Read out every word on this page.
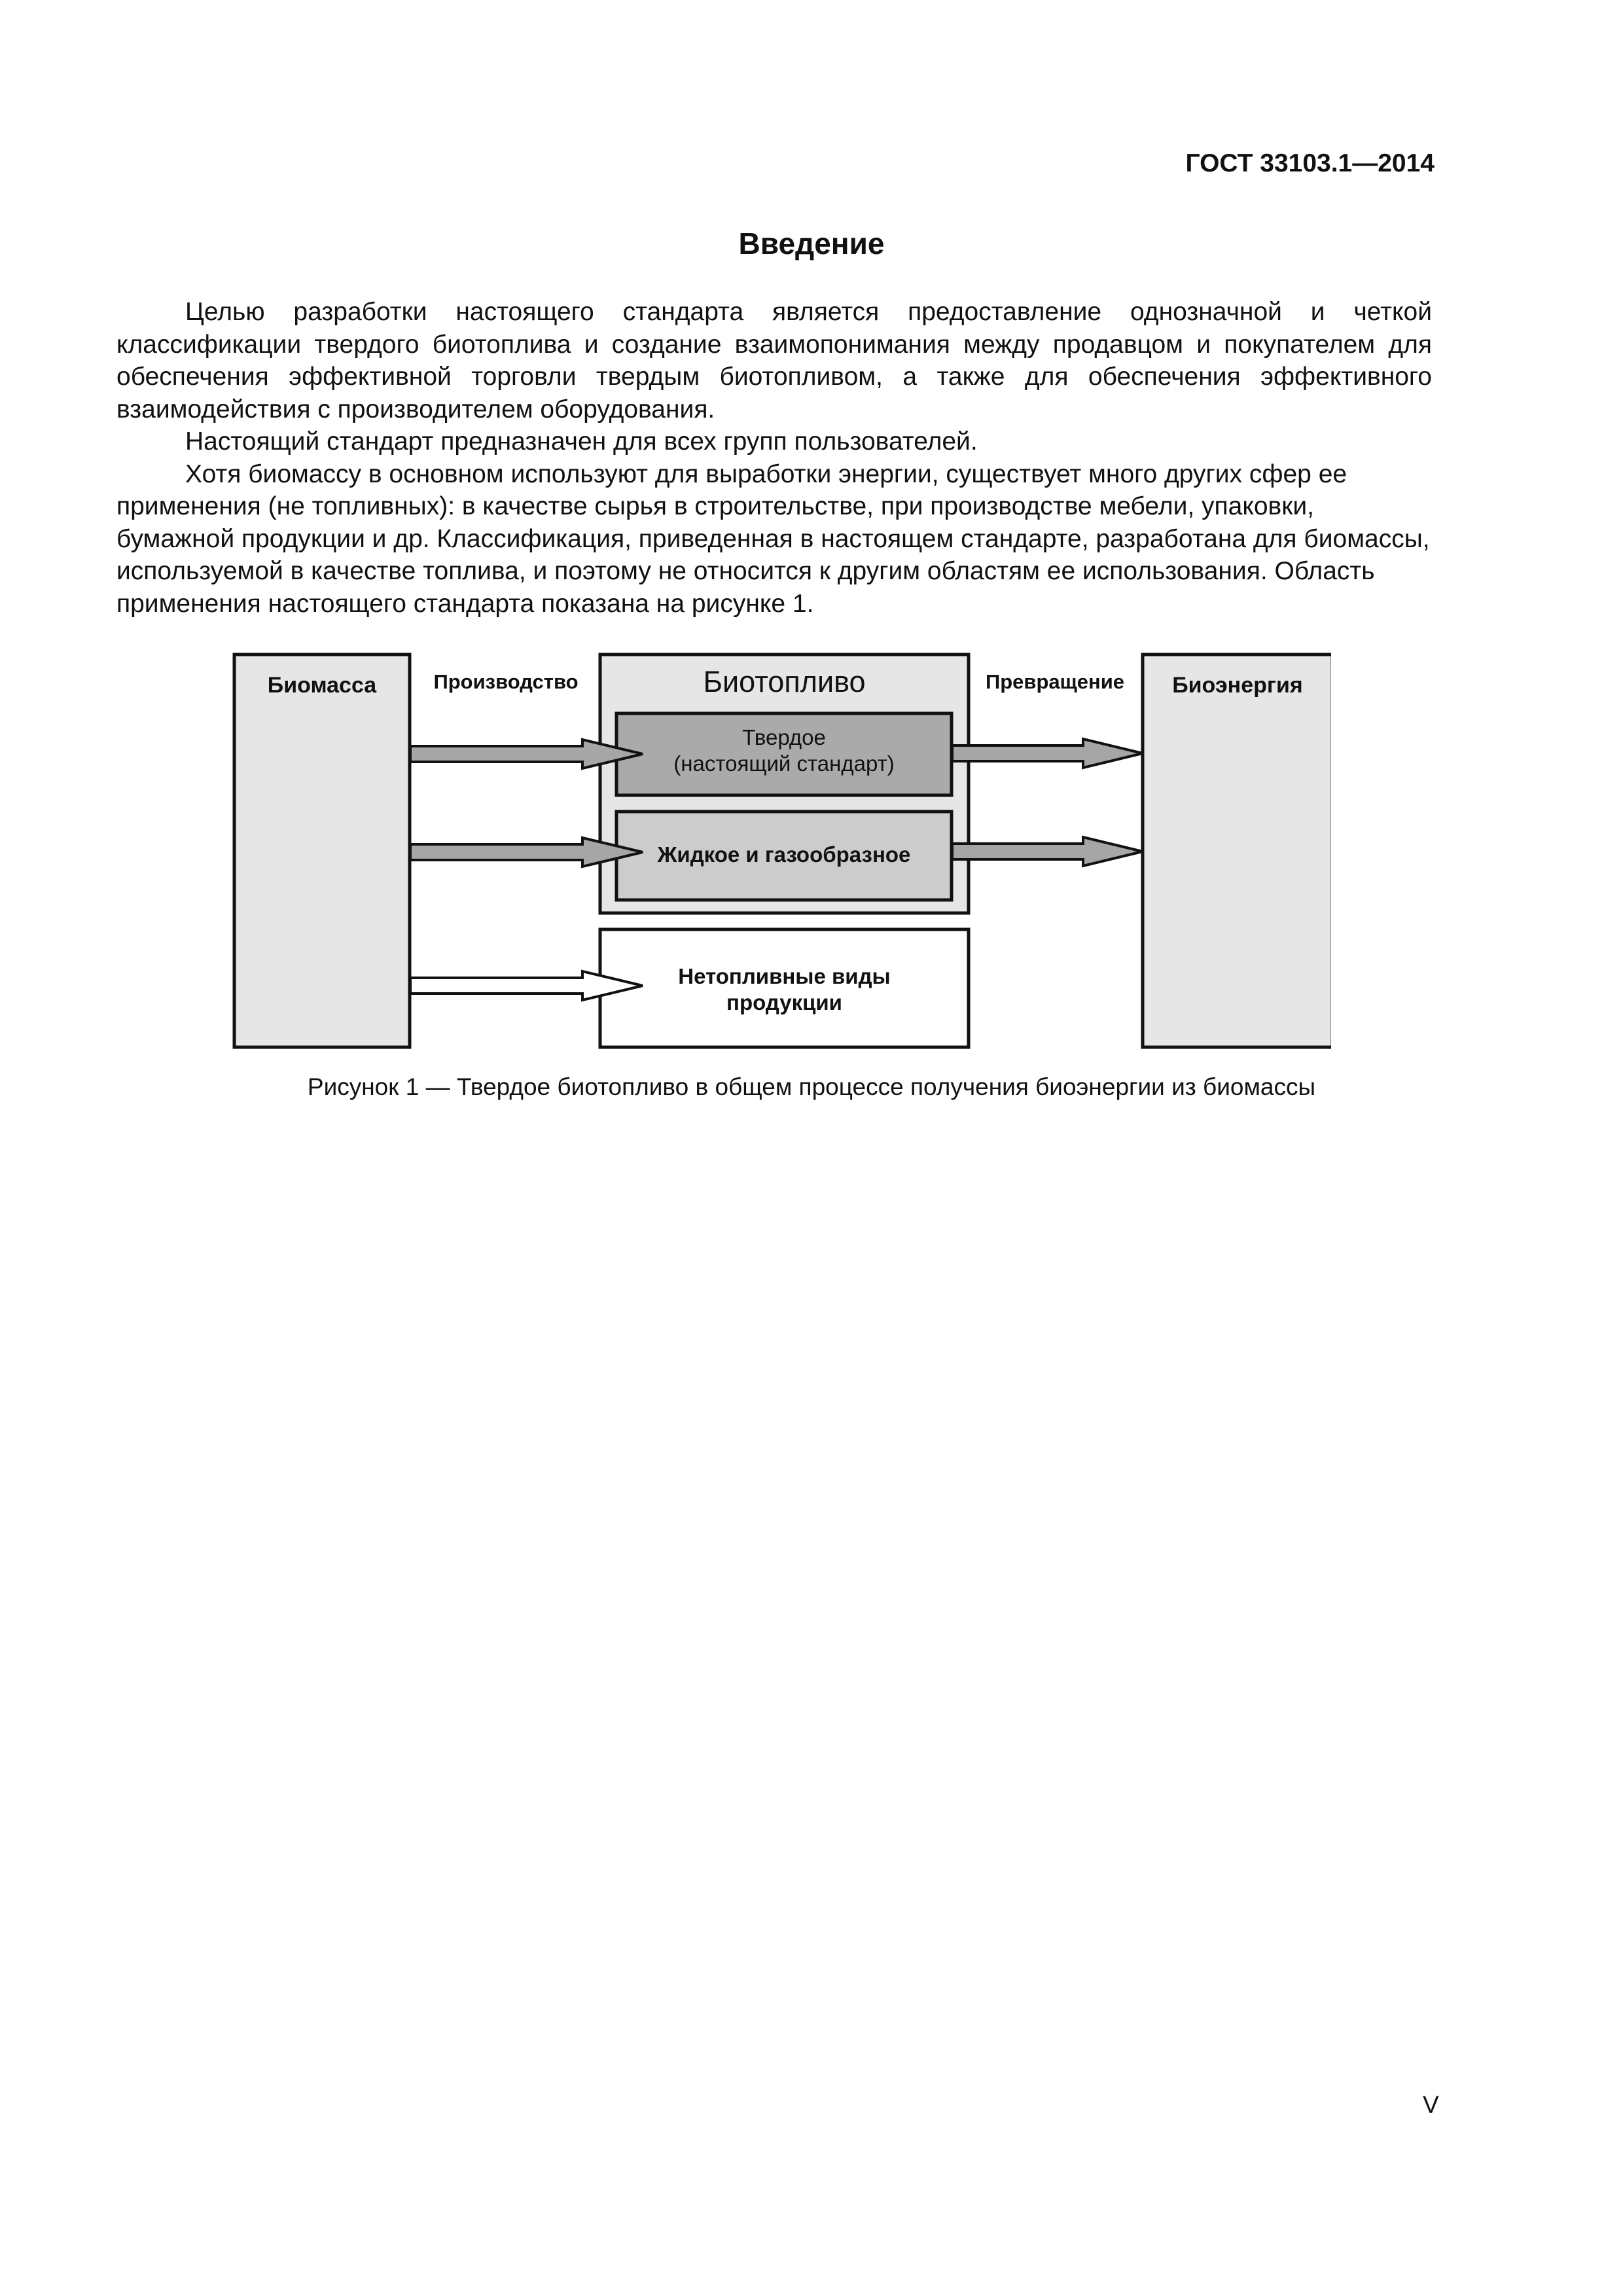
ГОСТ 33103.1—2014
Введение

Целью разработки настоящего стандарта является предоставление однозначной и четкой классификации твердого биотоплива и создание взаимопонимания между продавцом и покупателем для обеспечения эффективной торговли твердым биотопливом, а также для обеспечения эффективного взаимодействия с производителем оборудования.

Настоящий стандарт предназначен для всех групп пользователей.

Хотя биомассу в основном используют для выработки энергии, существует много других сфер ее применения (не топливных): в качестве сырья в строительстве, при производстве мебели, упаковки, бумажной продукции и др. Классификация, приведенная в настоящем стандарте, разработана для биомассы, используемой в качестве топлива, и поэтому не относится к другим областям ее использования. Область применения настоящего стандарта показана на рисунке 1.

Биомасса	Производство	Биотопливо	Превращение	Биоэнергия
Твердое
(настоящий стандарт)
Жидкое и газообразное
Нетопливные виды
продукции
Рисунок 1 — Твердое биотопливо в общем процессе получения биоэнергии из биомассы
V
